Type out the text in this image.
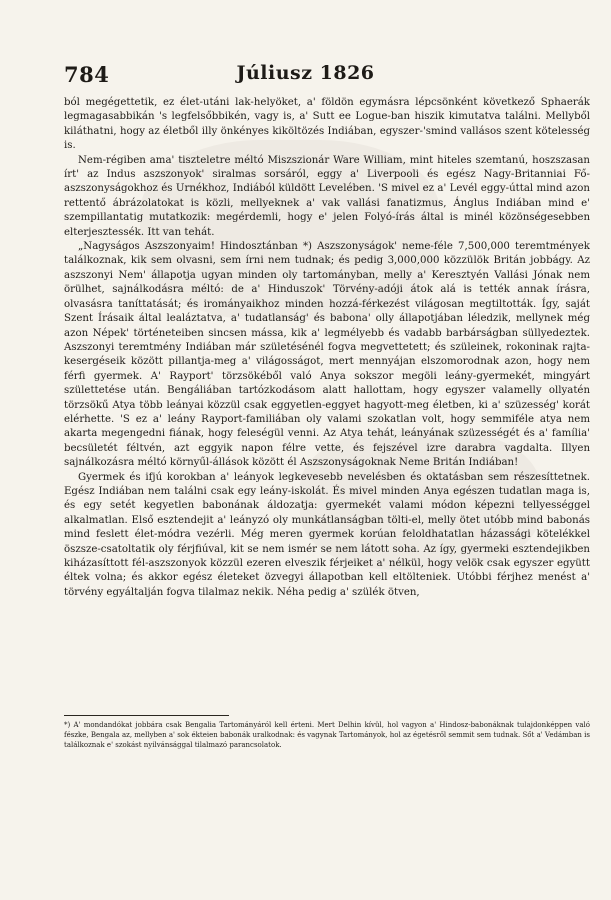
784	Júliusz 1826

ból megégettetik, ez élet-utáni lak-helyöket, a' földön egymásra lépcsönként következő Sphaerák legmagasabbikán 's legfelsőbbikén, vagy is, a' Sutt ee Logue-ban hiszik kimutatva találni. Mellyből kiláthatni, hogy az életből illy önkényes kiköltözés Indiában, egyszer-'smind vallásos szent kötelesség is.

Nem-régiben ama' tiszteletre méltó Miszszionár Ware William, mint hiteles szemtanú, hoszszasan írt' az Indus aszszonyok' siralmas sorsáról, eggy a' Liverpooli és egész Nagy-Britanniai Fő-aszszonyságokhoz és Urnékhoz, Indiából küldött Levelében. 'S mivel ez a' Levél eggy-úttal mind azon rettentő ábrázolatokat is közli, mellyeknek a' vak vallási fanatizmus, Ánglus Indiában mind e' szempillantatig mutatkozik: megérdemli, hogy e' jelen Folyó-írás által is minél közönségesebben elterjesztessék. Itt van tehát.

„Nagyságos Aszszonyaim! Hindosztánban *) Aszszonyságok' neme-féle 7,500,000 teremtmények találkoznak, kik sem olvasni, sem írni nem tudnak; és pedig 3,000,000 közzülök Britán jobbágy. Az aszszonyi Nem' állapotja ugyan minden oly tartományban, melly a' Keresztyén Vallási Jónak nem örülhet, sajnálkodásra méltó: de a' Hinduszok' Törvény-adóji átok alá is tették annak írásra, olvasásra taníttatását; és irományaikhoz minden hozzá-férkezést világosan megtiltották. Így, saját Szent Írásaik által lealáztatva, a' tudatlanság' és babona' olly állapotjában léledzik, mellynek még azon Népek' történeteiben sincsen mássa, kik a' legmélyebb és vadabb barbárságban süllyedeztek. Aszszonyi teremtmény Indiában már születésénél fogva megvettetett; és szüleinek, rokoninak rajta-kesergéseik között pillantja-meg a' világosságot, mert mennyájan elszomorodnak azon, hogy nem férfi gyermek. A' Rayport' törzsökéből való Anya sokszor megöli leány-gyermekét, mingyárt születtetése után. Bengáliában tartózkodásom alatt hallottam, hogy egyszer valamelly ollyatén törzsökű Atya több leányai közzül csak eggyetlen-eggyet hagyott-meg életben, ki a' szüzesség' korát elérhette. 'S ez a' leány Rayport-familiában oly valami szokatlan volt, hogy semmiféle atya nem akarta megengedni fiának, hogy feleségül venni. Az Atya tehát, leányának szüzességét és a' família' becsületét féltvén, azt eggyik napon félre vette, és fejszével izre darabra vagdalta. Illyen sajnálkozásra méltó környűl-állások között él Aszszonyságoknak Neme Britán Indiában!

Gyermek és ifjú korokban a' leányok legkevesebb nevelésben és oktatásban sem részesíttetnek. Egész Indiában nem találni csak egy leány-iskolát. És mivel minden Anya egészen tudatlan maga is, és egy setét kegyetlen babonának áldozatja: gyermekét valami módon képezni tellyességgel alkalmatlan. Első esztendejit a' leányzó oly munkátlanságban tölti-el, melly ötet utóbb mind babonás mind feslett élet-módra vezérli. Még meren gyermek korúan feloldhatatlan házassági kötelékkel öszsze-csatoltatik oly férjfiúval, kit se nem ismér se nem látott soha. Az így, gyermeki esztendejikben kiházasíttott fél-aszszonyok közzül ezeren elveszik férjeiket a' nélkül, hogy velök csak egyszer együtt éltek volna; és akkor egész életeket özvegyi állapotban kell eltölteniek. Utóbbi férjhez menést a' törvény egyáltalján fogva tilalmaz nekik. Néha pedig a' szülék ötven,

*) A' mondandókat jobbára csak Bengalia Tartományáról kell érteni. Mert Delhin kívül, hol vagyon a' Hindosz-babonáknak tulajdonképpen való fészke, Bengala az, mellyben a' sok ékteien babonák uralkodnak: és vagynak Tartományok, hol az égetésről semmit sem tudnak. Sőt a' Vedámban is találkoznak e' szokást nyilvánsággal tilalmazó parancsolatok.
